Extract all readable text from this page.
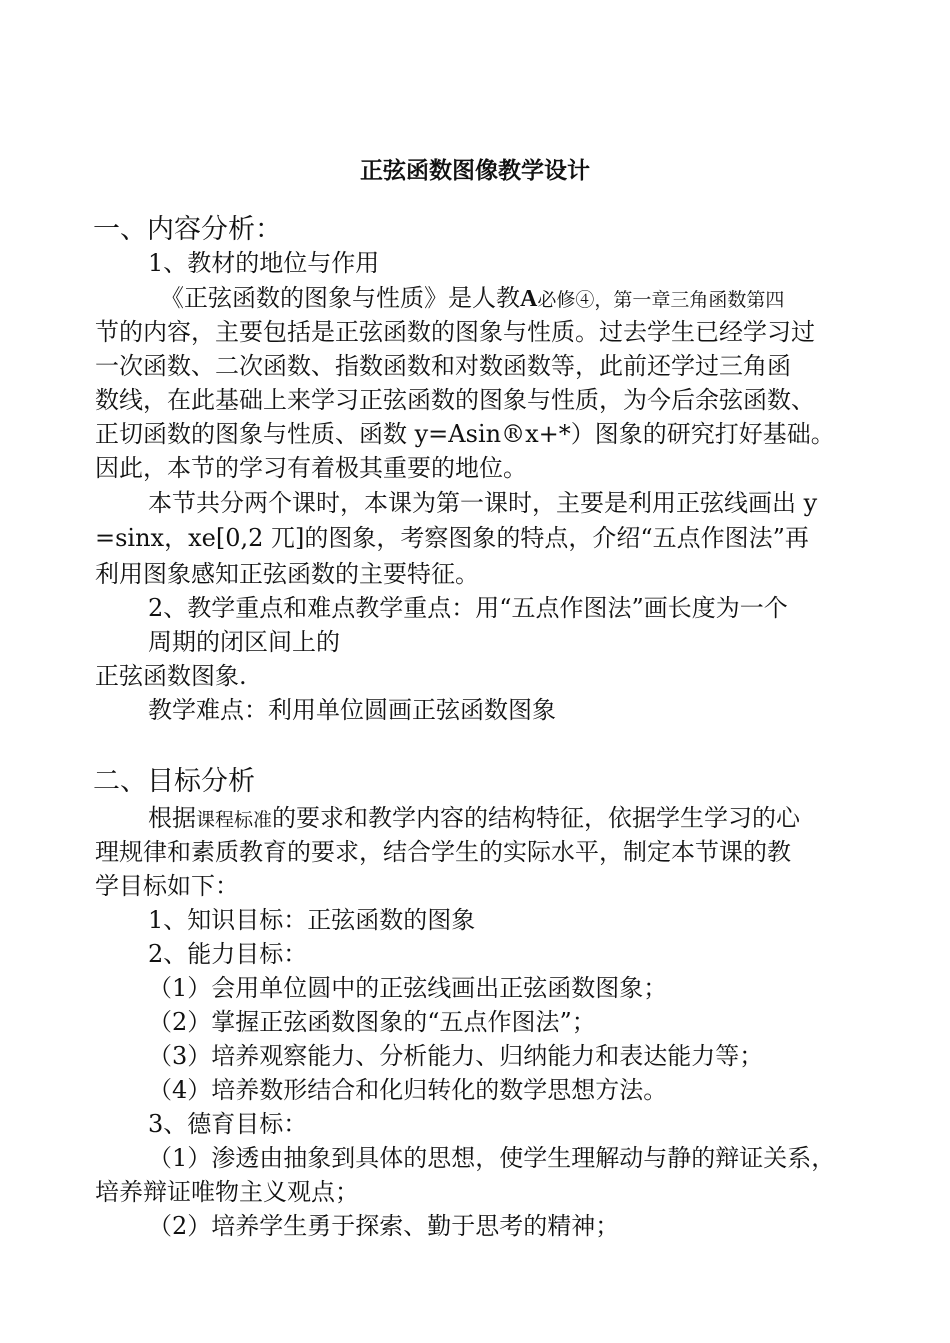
正弦函数图像教学设计

一、内容分析：

1、教材的地位与作用

《正弦函数的图象与性质》是人教A必修④，第一章三角函数第四

节的内容，主要包括是正弦函数的图象与性质。过去学生已经学习过

一次函数、二次函数、指数函数和对数函数等，此前还学过三角函

数线，在此基础上来学习正弦函数的图象与性质，为今后余弦函数、

正切函数的图象与性质、函数 y=Asin®x+*）图象的研究打好基础。

因此，本节的学习有着极其重要的地位。

本节共分两个课时，本课为第一课时，主要是利用正弦线画出 y

=sinx，xe[0,2 兀]的图象，考察图象的特点，介绍“五点作图法”再

利用图象感知正弦函数的主要特征。

2、教学重点和难点教学重点：用“五点作图法”画长度为一个

周期的闭区间上的

正弦函数图象.

教学难点：利用单位圆画正弦函数图象

二、目标分析

根据课程标准的要求和教学内容的结构特征，依据学生学习的心

理规律和素质教育的要求，结合学生的实际水平，制定本节课的教

学目标如下：

1、知识目标：正弦函数的图象

2、能力目标：

（1）会用单位圆中的正弦线画出正弦函数图象；

（2）掌握正弦函数图象的“五点作图法”；

（3）培养观察能力、分析能力、归纳能力和表达能力等；

（4）培养数形结合和化归转化的数学思想方法。

3、德育目标：

（1）渗透由抽象到具体的思想，使学生理解动与静的辩证关系，

培养辩证唯物主义观点；

（2）培养学生勇于探索、勤于思考的精神；
